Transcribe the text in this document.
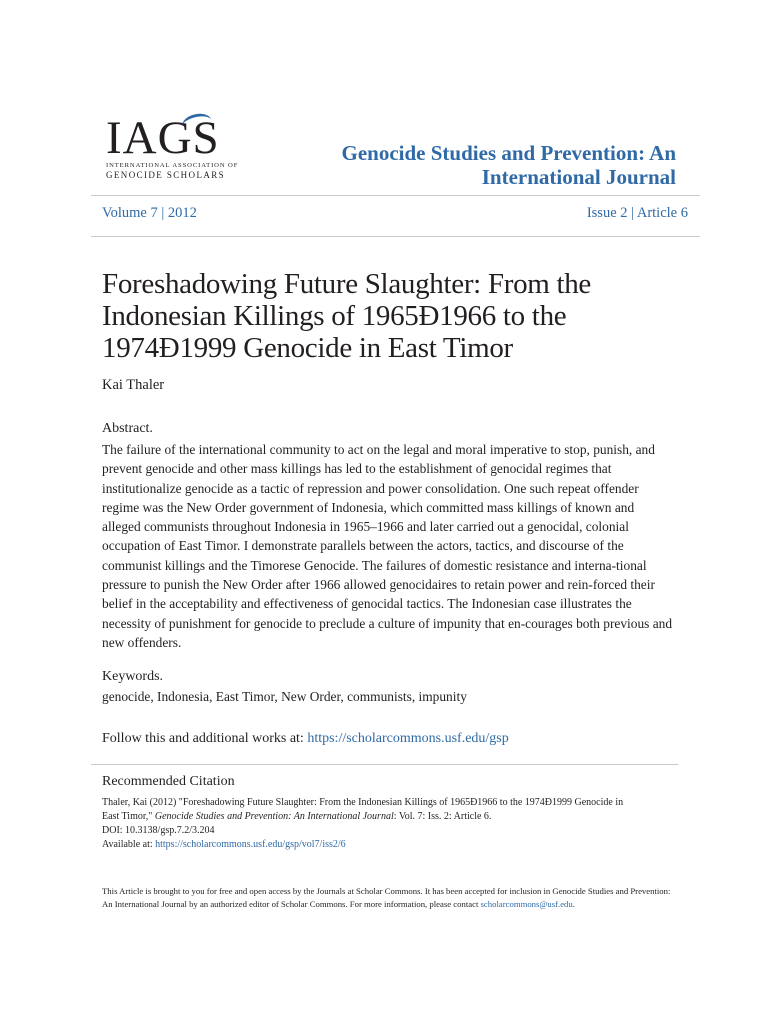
IAGS
INTERNATIONAL ASSOCIATION OF
GENOCIDE SCHOLARS
Genocide Studies and Prevention: An
International Journal
Volume 7 | 2012	Issue 2 | Article 6
Foreshadowing Future Slaughter: From the
Indonesian Killings of 1965Ð1966 to the
1974Ð1999 Genocide in East Timor
Kai Thaler
Abstract.
The failure of the international community to act on the legal and moral imperative to stop, punish, and prevent genocide and other mass killings has led to the establishment of genocidal regimes that institutionalize genocide as a tactic of repression and power consolidation. One such repeat offender regime was the New Order government of Indonesia, which committed mass killings of known and alleged communists throughout Indonesia in 1965–1966 and later carried out a genocidal, colonial occupation of East Timor. I demonstrate parallels between the actors, tactics, and discourse of the communist killings and the Timorese Genocide. The failures of domestic resistance and interna-tional pressure to punish the New Order after 1966 allowed genocidaires to retain power and rein-forced their belief in the acceptability and effectiveness of genocidal tactics. The Indonesian case illustrates the necessity of punishment for genocide to preclude a culture of impunity that en-courages both previous and new offenders.
Keywords.
genocide, Indonesia, East Timor, New Order, communists, impunity
Follow this and additional works at: https://scholarcommons.usf.edu/gsp
Recommended Citation
Thaler, Kai (2012) "Foreshadowing Future Slaughter: From the Indonesian Killings of 1965Ð1966 to the 1974Ð1999 Genocide in
East Timor," Genocide Studies and Prevention: An International Journal: Vol. 7: Iss. 2: Article 6.
DOI: 10.3138/gsp.7.2/3.204
Available at: https://scholarcommons.usf.edu/gsp/vol7/iss2/6
This Article is brought to you for free and open access by the Journals at Scholar Commons. It has been accepted for inclusion in Genocide Studies and Prevention: An International Journal by an authorized editor of Scholar Commons. For more information, please contact scholarcommons@usf.edu.
